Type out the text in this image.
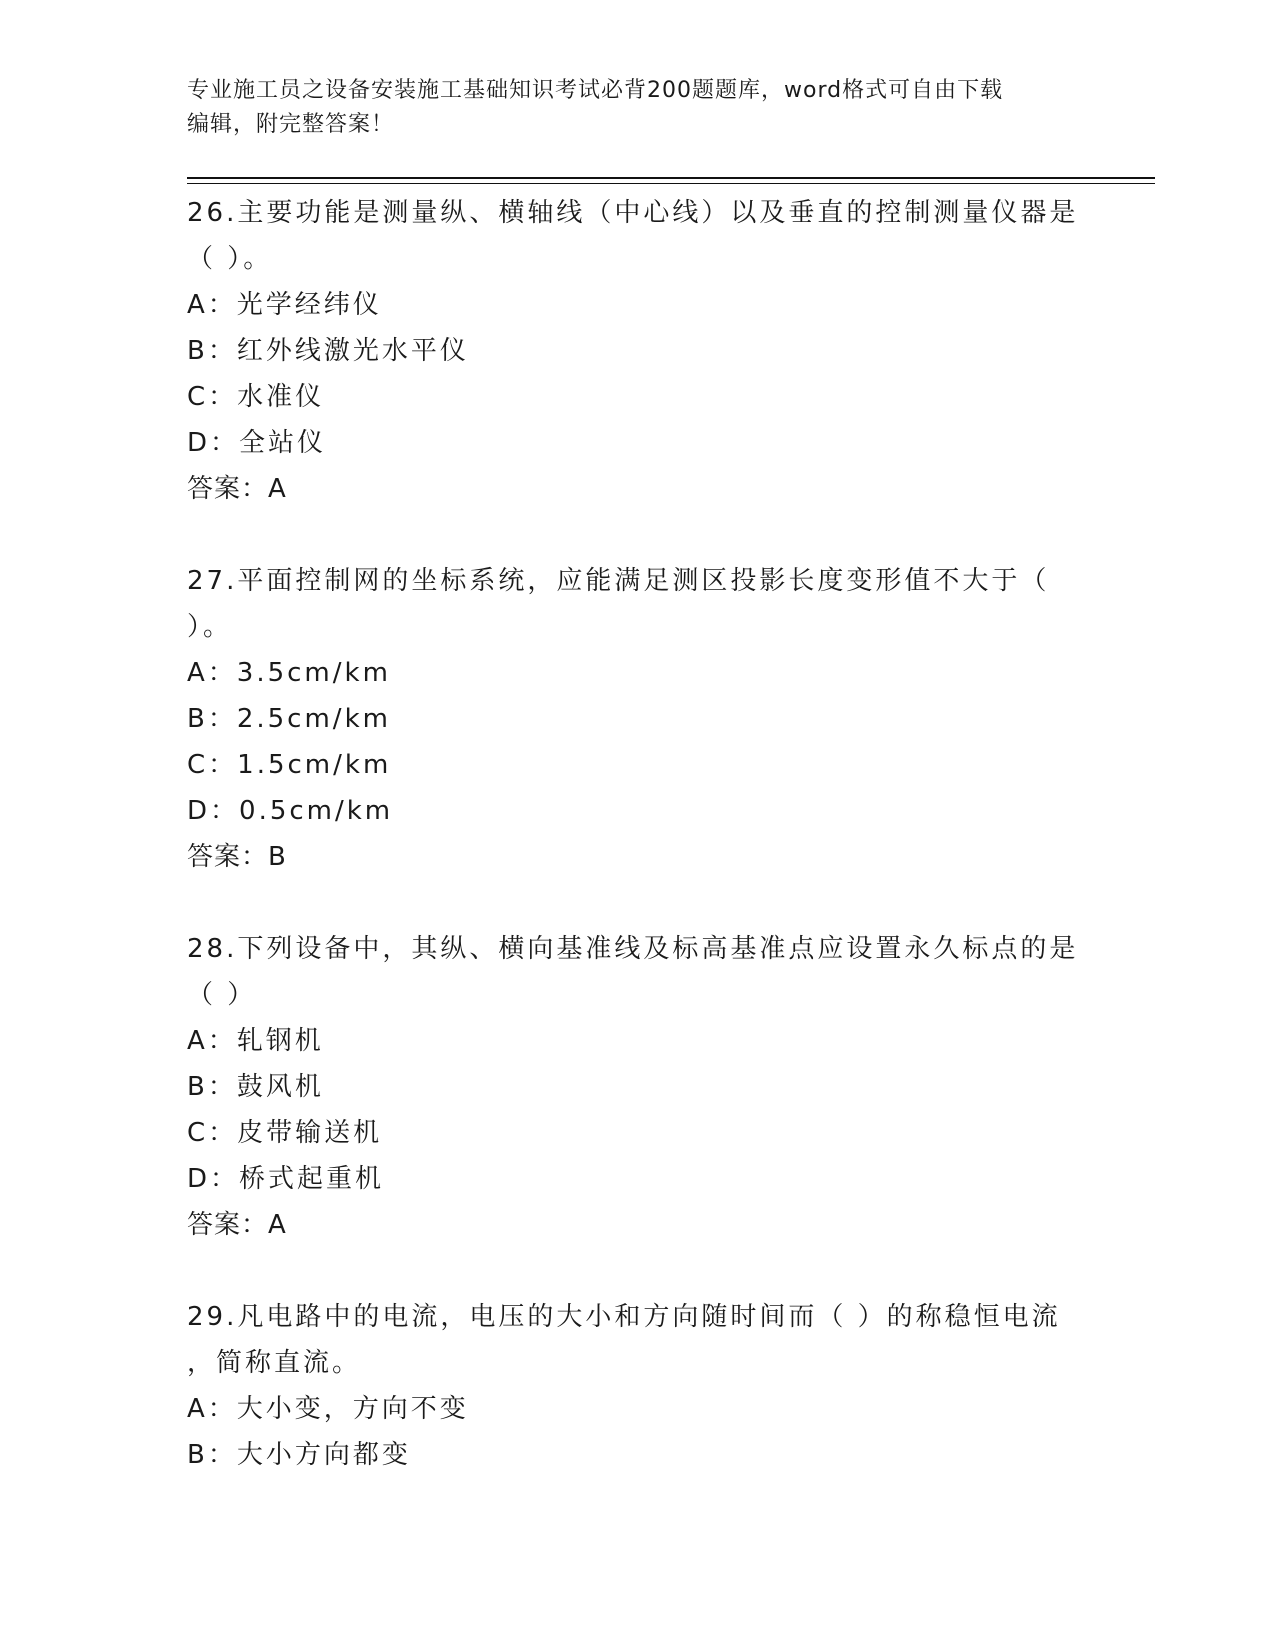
专业施工员之设备安装施工基础知识考试必背200题题库，word格式可自由下载
编辑，附完整答案！
26.主要功能是测量纵、横轴线（中心线）以及垂直的控制测量仪器是
（ ）。
A：光学经纬仪
B：红外线激光水平仪
C：水准仪
D：全站仪
答案：A
27.平面控制网的坐标系统，应能满足测区投影长度变形值不大于（
）。
A：3.5cm/km
B：2.5cm/km
C：1.5cm/km
D：0.5cm/km
答案：B
28.下列设备中，其纵、横向基准线及标高基准点应设置永久标点的是
（ ）
A：轧钢机
B：鼓风机
C：皮带输送机
D：桥式起重机
答案：A
29.凡电路中的电流，电压的大小和方向随时间而（ ）的称稳恒电流
，简称直流。
A：大小变，方向不变
B：大小方向都变
